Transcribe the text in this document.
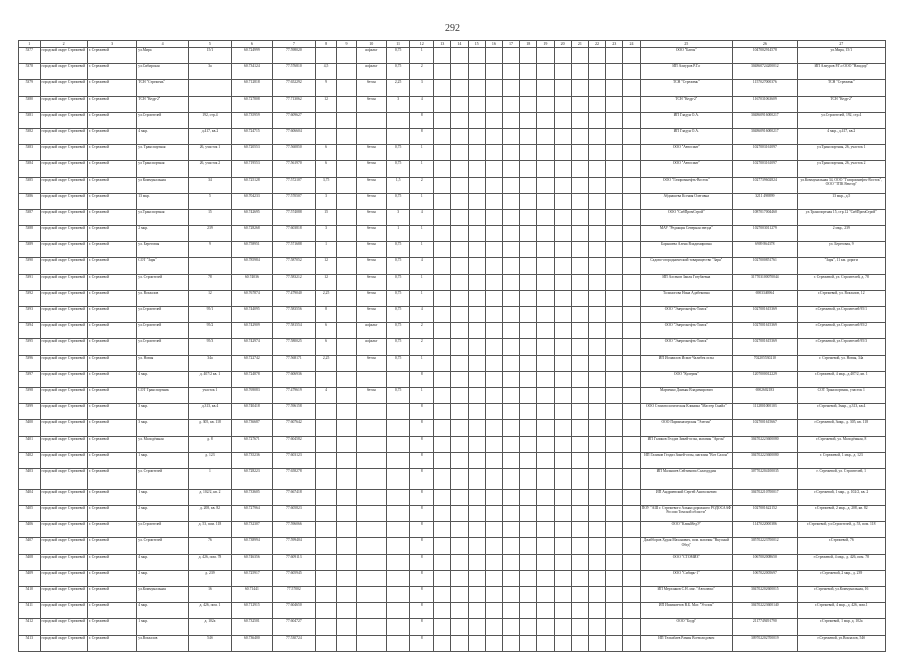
292
1	2	3	4	5	6	7	8	9	10	11	12	13	14	15	16	17	18	19	20	21	22	23	24	25	26	27
5377	городской округ Стрежевой	г. Стрежевой	ул.Мира	15/1	60.724999	77.598020			асфальт	0,75	1													ООО "Багон"	1047002914578	ул.Мира, 15/1
5378	городской округ Стрежевой	г. Стрежевой	ул.Сибирская	3а	60.734124	77.576810	4,5		асфальт	0,75	2													ИП Алиуров Р.Г.о	304860724200012	ИП Алиуров Р.Г.о ООО "Нашдор"
5379	городской округ Стрежевой	г. Стрежевой	ТСН "Стрежень"		60.712818	77.652292	9		бетон	2,25	3													ТСН "Стрежень"	1157027000376	ТСН "Стрежень"
5380	городской округ Стрежевой	г. Стрежевой	ТСН "Кедр-2"		60.727808	77.713062	12		бетон	3	4													ТСН "Кедр-2"	1167031063609	ТСН "Кедр-2"
5381	городской округ Стрежевой	г. Стрежевой	ул.Строителей	192, стр.4	60.735959	77.609627					8													ИП Гладун О.А.	304860916000217	ул.Строителей, 192, стр.4
5382	городской округ Стрежевой	г. Стрежевой	4 мкр.	д.417, кв.2	60.724715	77.606604					8													ИП Гладун О.А.	304860916000217	4 мкр., д.417, кв.2
5383	городской округ Стрежевой	г. Стрежевой	ул. Транспортная	26, участок 1	60.720553	77.560850	6		бетон	0,75	1													ООО "Автосинт"	1027003161097	ул.Транспортная, 26, участок 1
5384	городской округ Стрежевой	г. Стрежевой	ул Транспортная	26, участок 2	60.719553	77.561970	6		бетон	0,75	1													ООО "Автосинт"	1027003161097	ул.Транспортная, 26, участок 2
5385	городской округ Стрежевой	г. Стрежевой	ул Коммунальная	34	60.725128	77.572107	3,75		бетон	1,5	2													ООО "Газпромнефть-Восток"	1027739602824	ул.Коммунальная 34, ООО "Газпромнефть-Восток", ООО "ТПК Вектор"
5386	городской округ Стрежевой	г. Стрежевой	13 мкр.	5	60.704233	77.570507	3		бетон	0,75	1													Абдиашева Ксения Олеговна	3211 498899	13 мкр., д.5
5387	городской округ Стрежевой	г. Стрежевой	ул.Транспортная	15	60.742695	77.574088	15		бетон	3	4													ООО "СибПромСтрой"	1087017004460	ул.Транспортная 15, стр.12 "СибПромСтрой"
5388	городской округ Стрежевой	г. Стрежевой	2 мкр.	239	60.728268	77.603818	3		бетон	1	1													МАУ "Редакция Северная звезда"	1027003011279	2 мкр., 239
5389	городской округ Стрежевой	г. Стрежевой	ул. Береговая	9	60.758951	77.571688	1		бетон	0,75	1													Барышева Алена Владимировна	6909 864378	ул. Береговая, 9
5390	городской округ Стрежевой	г. Стрежевой	СОТ "Заря"		60.785984	77.587052	12		бетон	0,75	4													Садово-огороднический товарищество "Заря"	1027000851761	"Заря", 11 км. дороги
5391	городской округ Стрежевой	г. Стрежевой	ул. Строителей	78	60.74036	77.583212	12		бетон	0,75	1													ИП Алсенов Заиля Гатубаевна	317703100070044	г. Стрежевой, ул. Строителей, д. 78
5392	городской округ Стрежевой	г. Стрежевой	ул. Вокзалов	12	60.767874	77.479040	2,25		бетон	0,75	1													Тольмогова Нина Адабековна	6903346964	г.Стрежевой, ул. Вокзалов, 12
5393	городской округ Стрежевой	г. Стрежевой	ул.Строителей	95/1	60.744095	77.583556	8		бетон	0,75	4													ООО "Энергонефть-Томск"	1027001615369	г.Стрежевой, ул.Строителей 95/1
5394	городской округ Стрежевой	г. Стрежевой	ул.Строителей	95/2	60.742909	77.581554	6		асфальт	0,75	2													ООО "Энергонефть-Томск"	1027001615369	г.Стрежевой, ул.Строителей 95/2
5395	городской округ Стрежевой	г. Стрежевой	ул.Строителей	95/3	60.742974	77.580025	6		асфальт	0,75	2													ООО "Энергонефть-Томск"	1027001615369	г.Стрежевой, ул.Строителей 95/3
5396	городской округ Стрежевой	г. Стрежевой	ул. Новая	34а	60.722742	77.568171	2,25		бетон	0,75	1													ИП Исмаилов Исмат Чалибек оглы	702205530210	г. Стрежевой, ул. Новая, 34а
5397	городской округ Стрежевой	г. Стрежевой	4 мкр.	д. 407/2 кв. 1	60.724878	77.606936					8													ООО "Кулерия"	1207000012229	г.Стрежевой, 4 мкр., д.407/2, кв. 1
5398	городской округ Стрежевой	г. Стрежевой	СОТ Транспортник	участок 1	60.769083	77.479619	4		бетон	0,75	1													Марченко Дамьян Владимирович	6902602183	СОТ Транспортник, участок 1
5399	городской округ Стрежевой	г. Стрежевой	3 мкр.	д.313, кв.4	60.740418	77.596158					8													ООО Стоматологическая Клиника "Мастер Смайл"	1112801000103	г.Стрежевой, 3мкр., д.313, кв.4
5400	городской округ Стрежевой	г. Стрежевой	3 мкр.	д. 305, кв. 118	60.736687	77.607642					8													ООО Парикмахерская "Элегия"	1027001615667	г.Стрежевой, 3мкр., д. 305, кв. 118
5401	городской округ Стрежевой	г. Стрежевой	ул. Молодёжная	д. 8	60.727671	77.604582					8													ИП Галиков Гелдиз Зикей-оглы, магазин "Аргон"	304702223600080	г.Стрежевой, ул. Молодёжная, 8
5402	городской округ Стрежевой	г. Стрежевой	1 мкр.	д. 123	60.735236	77.603123					8													ИП Галиков Гелдиз Зикей-оглы, магазин "Вот Салон"	304702223600080	г. Стрежевой, 1 мкр., д. 123
5403	городской округ Стрежевой	г. Стрежевой	ул. Строителей	1	60.728223	77.658278					8													ИП Малышев Сейтимова Салахуддин	307702204100035	г. Стрежевой, ул. Строителей, 1
5404	городской округ Стрежевой	г. Стрежевой	1 мкр.	д. 102/2, кв. 2	60.733605	77.667418					8													ИП Андриевский Сергей Анатольевич	304702210700017	г.Стрежевой, 1 мкр., д. 102/2, кв. 2
5405	городской округ Стрежевой	г. Стрежевой	2 мкр.	д. 208, кв. 82	60.727964	77.605823					8													ПОУ "АШ г. Стрежевого Альянсдорожного РОДОСААФ России Томской области"	1027001622152	г.Стрежевой, 2 мкр., д. 208, кв. 82
5406	городской округ Стрежевой	г. Стрежевой	ул.Строителей	д. 53, пом. 118	60.732307	77.596066					8													ООО "КлинМедЭ"	1147022000386	г.Стрежевой, ул.Строителей, д. 53, пом. 118
5407	городской округ Стрежевой	г. Стрежевой	ул. Строителей	76	60.738994	77.599404					8													Джабборов Худая Маханович, пом. магазин "Вкусный Обед"	305702223700012	г.Стрежевой, 76
5408	городской округ Стрежевой	г. Стрежевой	4 мкр.	д. 426, пом. 78	60.746356	77.609113					8													ООО "СТОМИЗ"	1067002008650	г.Стрежевой, 4 мкр., д. 426, пом. 78
5409	городской округ Стрежевой	г. Стрежевой	2 мкр.	д. 239	60.725917	77.605945					8													ООО "Сибирь-1"	1067022005697	г.Стрежевой, 2 мкр., д. 239
5410	городской округ Стрежевой	г. Стрежевой	ул.Коммунальная	16	60.71441	77.57002					8													ИП Мерзляков С.Н. маг. "Автолюкс"	304702202600015	г.Стрежевой, ул.Коммунальная, 16
5411	городской округ Стрежевой	г. Стрежевой	4 мкр.	д. 426, пом. 1	60.712915	77.604650					8													ИП Ишмаметов В.Б. Маг. "Уголок"	304702223600140	г.Стрежевой, 4 мкр., д. 426, пом.1
5412	городской округ Стрежевой	г. Стрежевой	1 мкр.	д. 102а	60.732501	77.604727					8													ООО "Бодр"	2117749491790	г.Стрежевой, 1 мкр. д. 102а
5413	городской округ Стрежевой	г. Стрежевой	ул.Вокзалов	54б	60.736400	77.530724					8													ИП Телкабаев Рамин Всеволодович	309702202700019	г.Стрежевой, ул.Вокзалов, 54б
